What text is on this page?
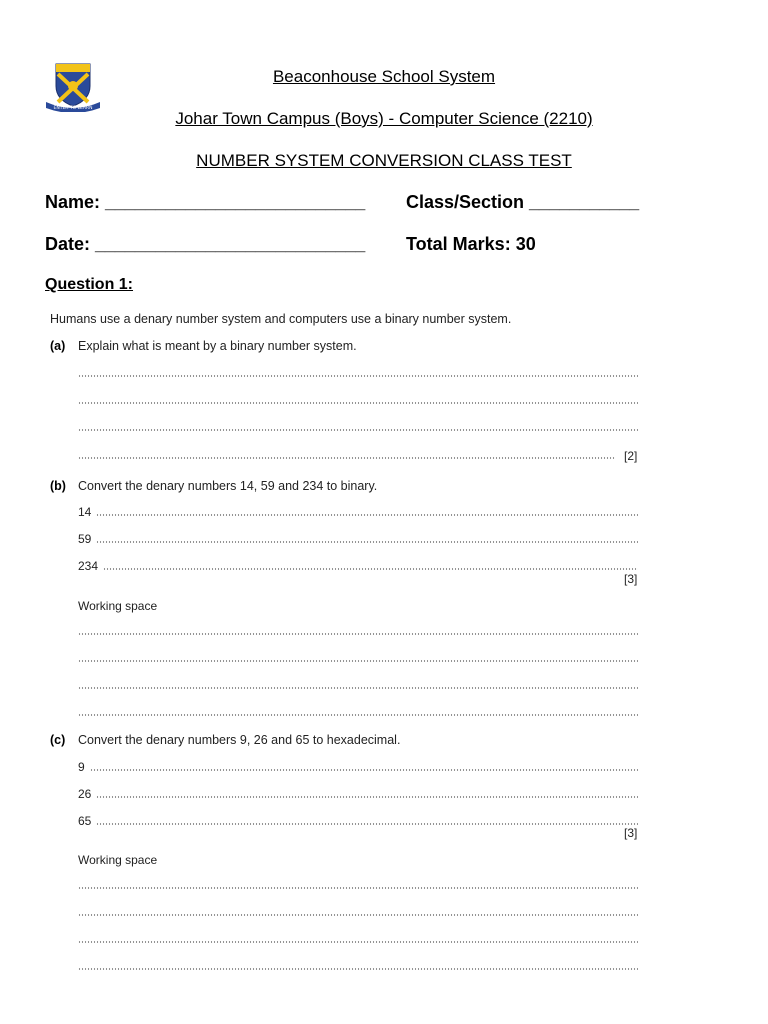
ENTER TO LEARN
Beaconhouse School System
Johar Town Campus (Boys) - Computer Science (2210)
NUMBER SYSTEM CONVERSION CLASS TEST
Name: __________________________ Class/Section ___________
Date: ___________________________ Total Marks: 30
Question 1:
Humans use a denary number system and computers use a binary number system.
(a) Explain what is meant by a binary number system.
[2]
(b) Convert the denary numbers 14, 59 and 234 to binary.
14
59
234
[3]
Working space
(c) Convert the denary numbers 9, 26 and 65 to hexadecimal.
9
26
65
[3]
Working space
